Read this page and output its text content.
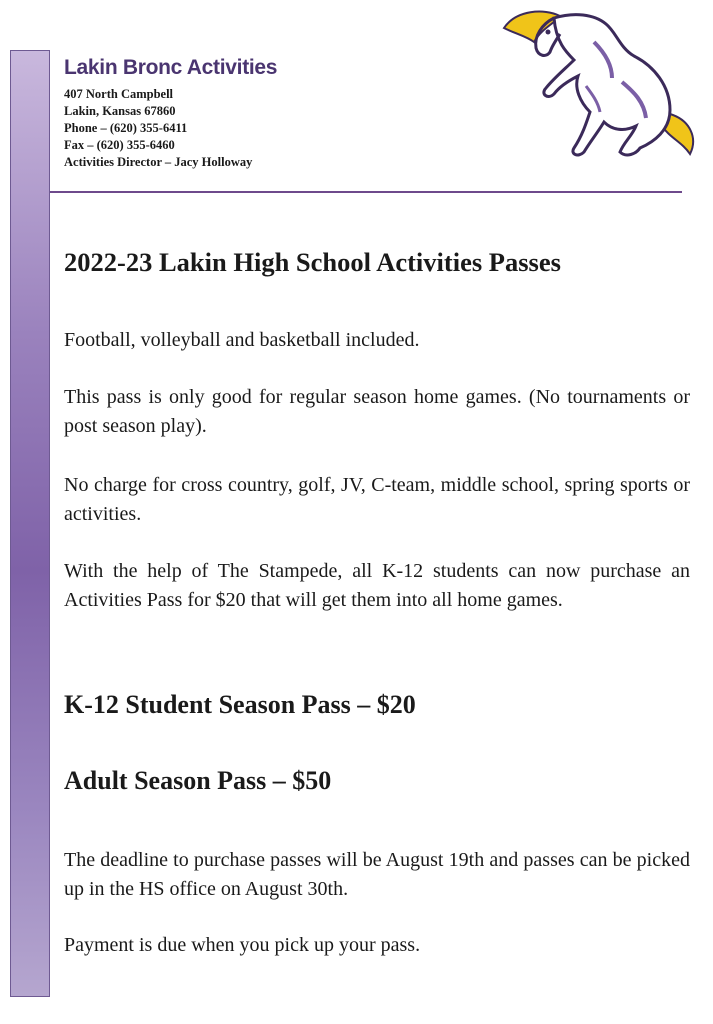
Lakin Bronc Activities
407 North Campbell
Lakin, Kansas 67860
Phone – (620) 355-6411
Fax – (620) 355-6460
Activities Director – Jacy Holloway
2022-23 Lakin High School Activities Passes

Football, volleyball and basketball included.

This pass is only good for regular season home games. (No tournaments or post season play).

No charge for cross country, golf, JV, C-team, middle school, spring sports or activities.

With the help of The Stampede, all K-12 students can now purchase an Activities Pass for $20 that will get them into all home games.

K-12 Student Season Pass – $20
Adult Season Pass – $50

The deadline to purchase passes will be August 19th and passes can be picked up in the HS office on August 30th.

Payment is due when you pick up your pass.
